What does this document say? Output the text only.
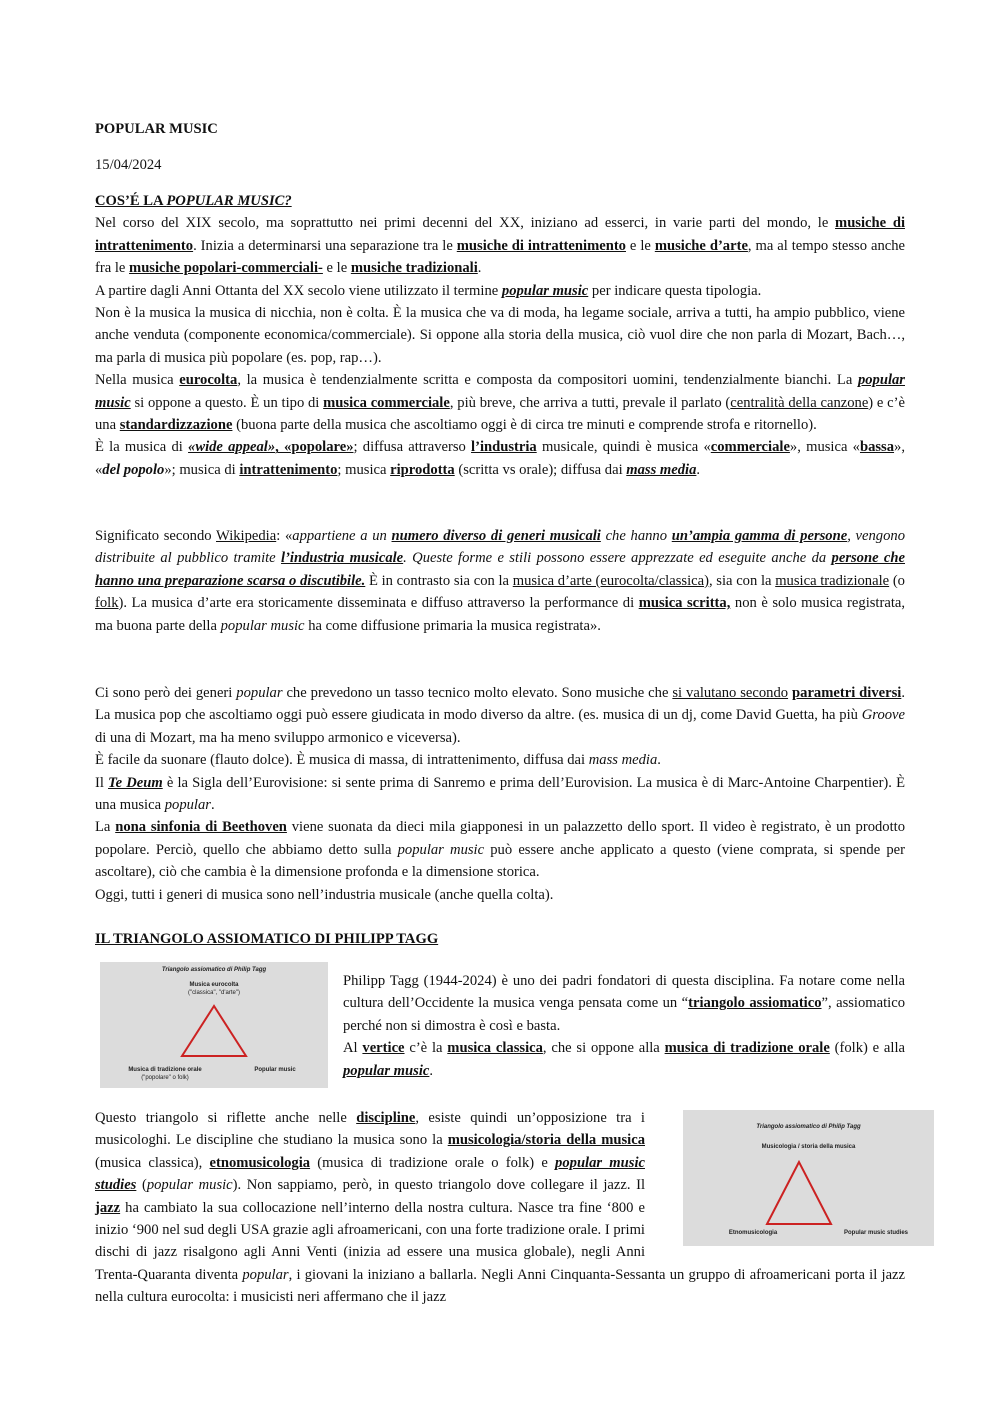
POPULAR MUSIC
15/04/2024

COS’É LA POPULAR MUSIC?

Nel corso del XIX secolo, ma soprattutto nei primi decenni del XX, iniziano ad esserci, in varie parti del mondo, le musiche di intrattenimento. Inizia a determinarsi una separazione tra le musiche di intrattenimento e le musiche d’arte, ma al tempo stesso anche fra le musiche popolari-commerciali- e le musiche tradizionali.

A partire dagli Anni Ottanta del XX secolo viene utilizzato il termine popular music per indicare questa tipologia.

Non è la musica la musica di nicchia, non è colta. È la musica che va di moda, ha legame sociale, arriva a tutti, ha ampio pubblico, viene anche venduta (componente economica/commerciale). Si oppone alla storia della musica, ciò vuol dire che non parla di Mozart, Bach…, ma parla di musica più popolare (es. pop, rap…).

Nella musica eurocolta, la musica è tendenzialmente scritta e composta da compositori uomini, tendenzialmente bianchi. La popular music si oppone a questo. È un tipo di musica commerciale, più breve, che arriva a tutti, prevale il parlato (centralità della canzone) e c’è una standardizzazione (buona parte della musica che ascoltiamo oggi è di circa tre minuti e comprende strofa e ritornello).

È la musica di «wide appeal», «popolare»; diffusa attraverso l’industria musicale, quindi è musica «commerciale», musica «bassa», «del popolo»; musica di intrattenimento; musica riprodotta (scritta vs orale); diffusa dai mass media.

Significato secondo Wikipedia: «appartiene a un numero diverso di generi musicali che hanno un’ampia gamma di persone, vengono distribuite al pubblico tramite l’industria musicale. Queste forme e stili possono essere apprezzate ed eseguite anche da persone che hanno una preparazione scarsa o discutibile. È in contrasto sia con la musica d’arte (eurocolta/classica), sia con la musica tradizionale (o folk). La musica d’arte era storicamente disseminata e diffuso attraverso la performance di musica scritta, non è solo musica registrata, ma buona parte della popular music ha come diffusione primaria la musica registrata».

Ci sono però dei generi popular che prevedono un tasso tecnico molto elevato. Sono musiche che si valutano secondo parametri diversi. La musica pop che ascoltiamo oggi può essere giudicata in modo diverso da altre. (es. musica di un dj, come David Guetta, ha più Groove di una di Mozart, ma ha meno sviluppo armonico e viceversa).

È facile da suonare (flauto dolce). È musica di massa, di intrattenimento, diffusa dai mass media.

Il Te Deum è la Sigla dell’Eurovisione: si sente prima di Sanremo e prima dell’Eurovision. La musica è di Marc-Antoine Charpentier). È una musica popular.

La nona sinfonia di Beethoven viene suonata da dieci mila giapponesi in un palazzetto dello sport. Il video è registrato, è un prodotto popolare. Perciò, quello che abbiamo detto sulla popular music può essere anche applicato a questo (viene comprata, si spende per ascoltare), ciò che cambia è la dimensione profonda e la dimensione storica.

Oggi, tutti i generi di musica sono nell’industria musicale (anche quella colta).

IL TRIANGOLO ASSIOMATICO DI PHILIPP TAGG

Philipp Tagg (1944-2024) è uno dei padri fondatori di questa disciplina. Fa notare come nella cultura dell’Occidente la musica venga pensata come un “triangolo assiomatico”, assiomatico perché non si dimostra è così e basta.

Al vertice c’è la musica classica, che si oppone alla musica di tradizione orale (folk) e alla popular music.

Questo triangolo si riflette anche nelle discipline, esiste quindi un’opposizione tra i musicologhi. Le discipline che studiano la musica sono la musicologia/storia della musica (musica classica), etnomusicologia (musica di tradizione orale o folk) e popular music studies (popular music). Non sappiamo, però, in questo triangolo dove collegare il jazz. Il jazz ha cambiato la sua collocazione nell’interno della nostra cultura. Nasce tra fine ‘800 e inizio ‘900 nel sud degli USA grazie agli afroamericani, con una forte tradizione orale. I primi dischi di jazz risalgono agli Anni Venti (inizia ad essere una musica globale), negli Anni Trenta-Quaranta diventa popular, i giovani la iniziano a ballarla. Negli Anni Cinquanta-Sessanta un gruppo di afroamericani porta il jazz nella cultura eurocolta: i musicisti neri affermano che il jazz

Triangolo assiomatico di Philip Tagg
Musica eurocolta
("classica", "d'arte")
Musica di tradizione orale
("popolare" o folk)
Popular music
Triangolo assiomatico di Philip Tagg
Musicologia / storia della musica
Etnomusicologia	Popular music studies
